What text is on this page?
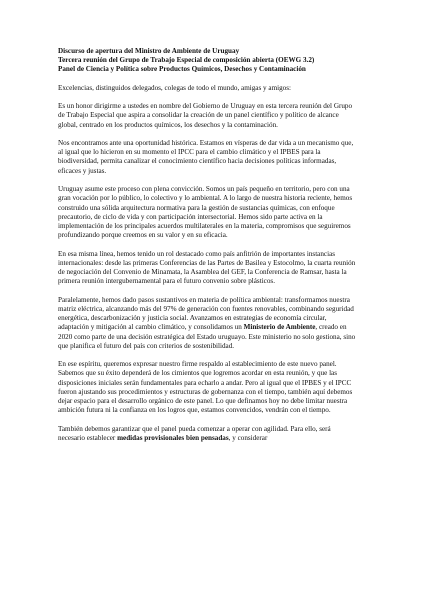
Discurso de apertura del Ministro de Ambiente de Uruguay
Tercera reunión del Grupo de Trabajo Especial de composición abierta (OEWG 3.2)
Panel de Ciencia y Política sobre Productos Químicos, Desechos y Contaminación

Excelencias, distinguidos delegados, colegas de todo el mundo, amigas y amigos:

Es un honor dirigirme a ustedes en nombre del Gobierno de Uruguay en esta tercera reunión del Grupo de Trabajo Especial que aspira a consolidar la creación de un panel científico y político de alcance global, centrado en los productos químicos, los desechos y la contaminación.

Nos encontramos ante una oportunidad histórica. Estamos en vísperas de dar vida a un mecanismo que, al igual que lo hicieron en su momento el IPCC para el cambio climático y el IPBES para la biodiversidad, permita canalizar el conocimiento científico hacia decisiones políticas informadas, eficaces y justas.

Uruguay asume este proceso con plena convicción. Somos un país pequeño en territorio, pero con una gran vocación por lo público, lo colectivo y lo ambiental. A lo largo de nuestra historia reciente, hemos construido una sólida arquitectura normativa para la gestión de sustancias químicas, con enfoque precautorio, de ciclo de vida y con participación intersectorial. Hemos sido parte activa en la implementación de los principales acuerdos multilaterales en la materia, compromisos que seguiremos profundizando porque creemos en su valor y en su eficacia.

En esa misma línea, hemos tenido un rol destacado como país anfitrión de importantes instancias internacionales: desde las primeras Conferencias de las Partes de Basilea y Estocolmo, la cuarta reunión de negociación del Convenio de Minamata, la Asamblea del GEF, la Conferencia de Ramsar, hasta la primera reunión intergubernamental para el futuro convenio sobre plásticos.

Paralelamente, hemos dado pasos sustantivos en materia de política ambiental: transformamos nuestra matriz eléctrica, alcanzando más del 97% de generación con fuentes renovables, combinando seguridad energética, descarbonización y justicia social. Avanzamos en estrategias de economía circular, adaptación y mitigación al cambio climático, y consolidamos un Ministerio de Ambiente, creado en 2020 como parte de una decisión estratégica del Estado uruguayo. Este ministerio no solo gestiona, sino que planifica el futuro del país con criterios de sostenibilidad.

En ese espíritu, queremos expresar nuestro firme respaldo al establecimiento de este nuevo panel. Sabemos que su éxito dependerá de los cimientos que logremos acordar en esta reunión, y que las disposiciones iniciales serán fundamentales para echarlo a andar. Pero al igual que el IPBES y el IPCC fueron ajustando sus procedimientos y estructuras de gobernanza con el tiempo, también aquí debemos dejar espacio para el desarrollo orgánico de este panel. Lo que definamos hoy no debe limitar nuestra ambición futura ni la confianza en los logros que, estamos convencidos, vendrán con el tiempo.

También debemos garantizar que el panel pueda comenzar a operar con agilidad. Para ello, será necesario establecer medidas provisionales bien pensadas, y considerar
